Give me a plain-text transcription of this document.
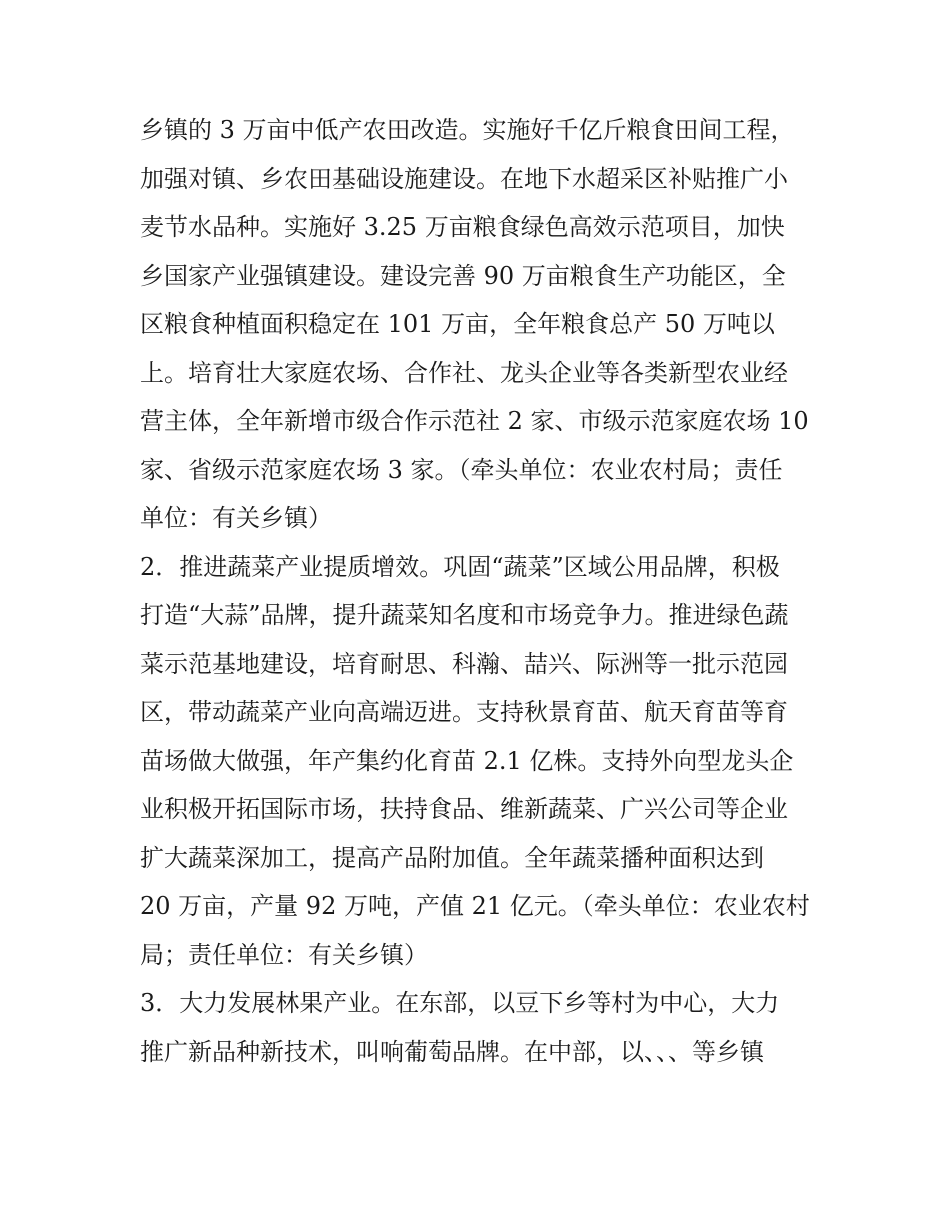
乡镇的 3 万亩中低产农田改造。实施好千亿斤粮食田间工程，
加强对镇、乡农田基础设施建设。在地下水超采区补贴推广小
麦节水品种。实施好 3.25 万亩粮食绿色高效示范项目，加快
乡国家产业强镇建设。建设完善 90 万亩粮食生产功能区，全
区粮食种植面积稳定在 101 万亩，全年粮食总产 50 万吨以
上。培育壮大家庭农场、合作社、龙头企业等各类新型农业经
营主体，全年新增市级合作示范社 2 家、市级示范家庭农场 10
家、省级示范家庭农场 3 家。（牵头单位：农业农村局；责任
单位：有关乡镇）
2．推进蔬菜产业提质增效。巩固“蔬菜”区域公用品牌，积极
打造“大蒜”品牌，提升蔬菜知名度和市场竞争力。推进绿色蔬
菜示范基地建设，培育耐思、科瀚、喆兴、际洲等一批示范园
区，带动蔬菜产业向高端迈进。支持秋景育苗、航天育苗等育
苗场做大做强，年产集约化育苗 2.1 亿株。支持外向型龙头企
业积极开拓国际市场，扶持食品、维新蔬菜、广兴公司等企业
扩大蔬菜深加工，提高产品附加值。全年蔬菜播种面积达到
20 万亩，产量 92 万吨，产值 21 亿元。（牵头单位：农业农村
局；责任单位：有关乡镇）
3．大力发展林果产业。在东部，以豆下乡等村为中心，大力
推广新品种新技术，叫响葡萄品牌。在中部，以、、、等乡镇
